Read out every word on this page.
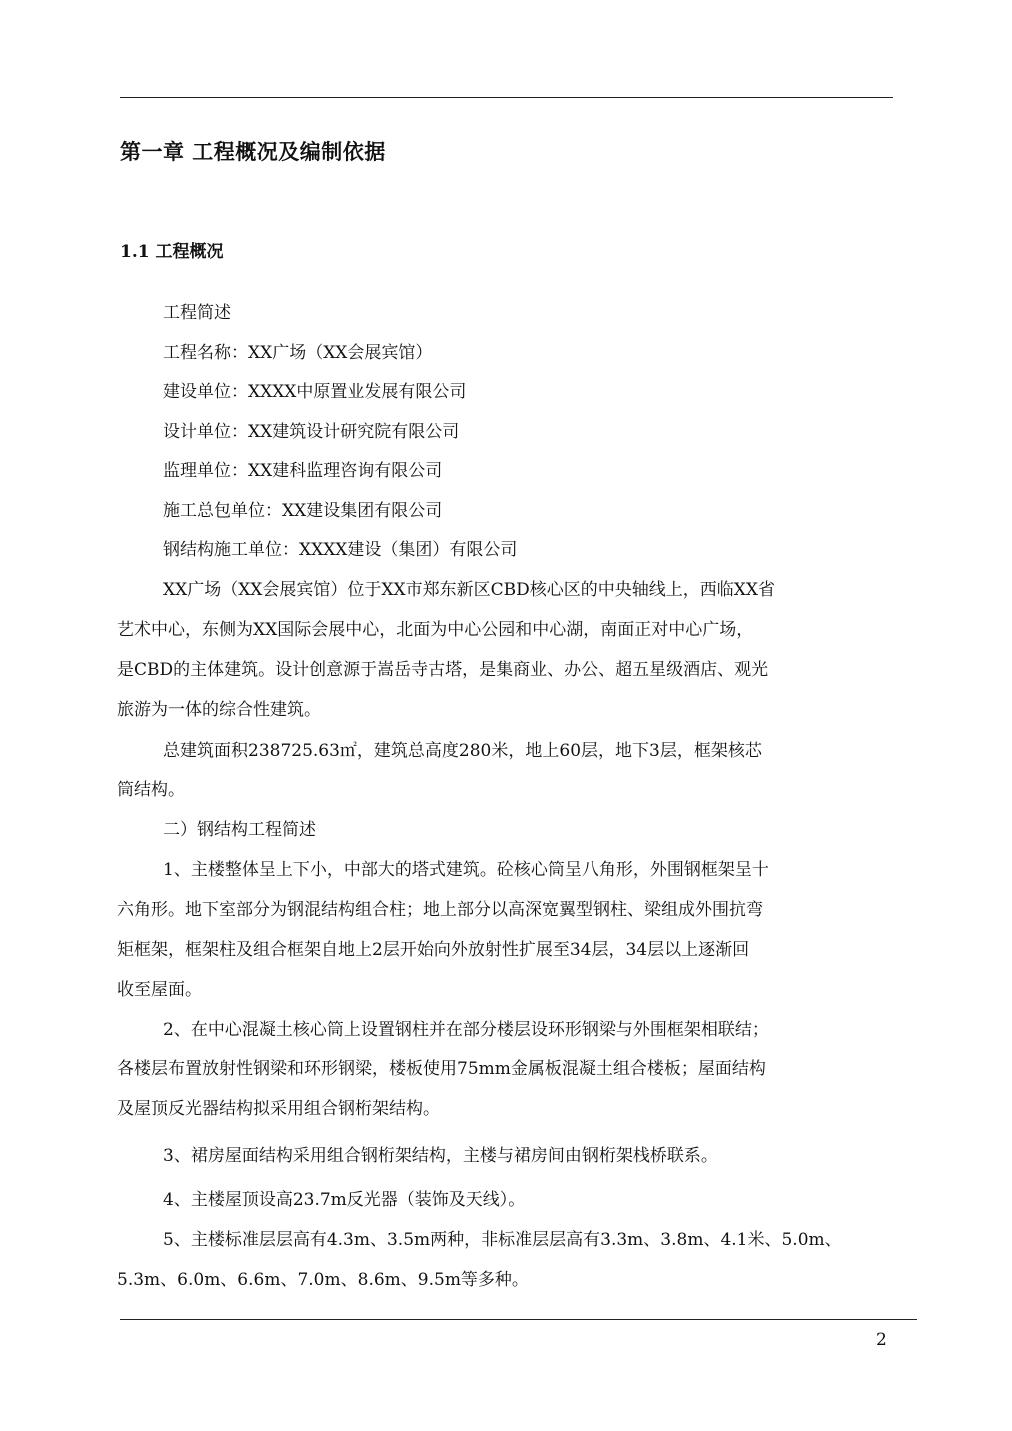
第一章 工程概况及编制依据
1.1 工程概况

工程简述

工程名称：XX广场（XX会展宾馆）

建设单位：XXXX中原置业发展有限公司

设计单位：XX建筑设计研究院有限公司

监理单位：XX建科监理咨询有限公司

施工总包单位：XX建设集团有限公司

钢结构施工单位：XXXX建设（集团）有限公司

XX广场（XX会展宾馆）位于XX市郑东新区CBD核心区的中央轴线上，西临XX省

艺术中心，东侧为XX国际会展中心，北面为中心公园和中心湖，南面正对中心广场，

是CBD的主体建筑。设计创意源于嵩岳寺古塔，是集商业、办公、超五星级酒店、观光

旅游为一体的综合性建筑。

总建筑面积238725.63㎡，建筑总高度280米，地上60层，地下3层，框架核芯

筒结构。

二）钢结构工程简述

1、主楼整体呈上下小，中部大的塔式建筑。砼核心筒呈八角形，外围钢框架呈十

六角形。地下室部分为钢混结构组合柱；地上部分以高深宽翼型钢柱、梁组成外围抗弯

矩框架，框架柱及组合框架自地上2层开始向外放射性扩展至34层，34层以上逐渐回

收至屋面。

2、在中心混凝土核心筒上设置钢柱并在部分楼层设环形钢梁与外围框架相联结；

各楼层布置放射性钢梁和环形钢梁，楼板使用75mm金属板混凝土组合楼板；屋面结构

及屋顶反光器结构拟采用组合钢桁架结构。

3、裙房屋面结构采用组合钢桁架结构，主楼与裙房间由钢桁架栈桥联系。

4、主楼屋顶设高23.7m反光器（装饰及天线）。

5、主楼标准层层高有4.3m、3.5m两种，非标准层层高有3.3m、3.8m、4.1米、5.0m、

5.3m、6.0m、6.6m、7.0m、8.6m、9.5m等多种。

2
